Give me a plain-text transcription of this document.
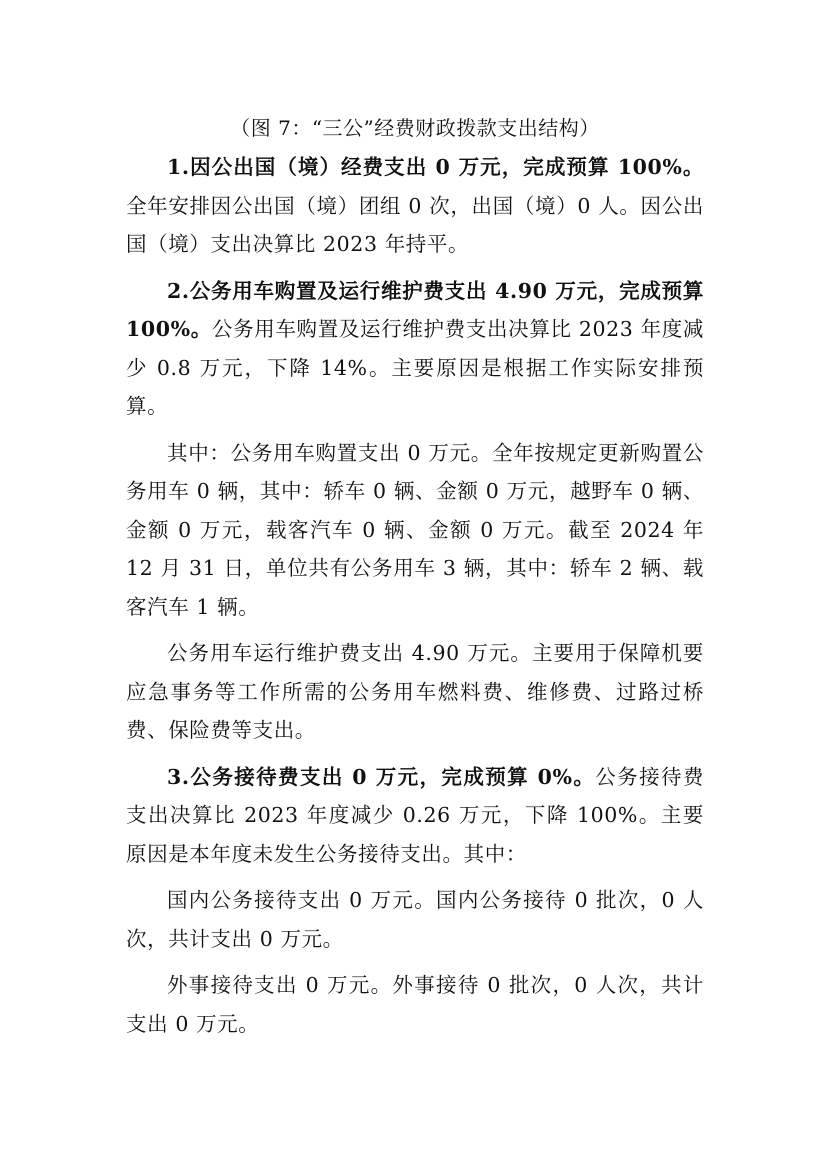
（图 7：“三公”经费财政拨款支出结构）

1.因公出国（境）经费支出 0 万元，完成预算 100%。全年安排因公出国（境）团组 0 次，出国（境）0 人。因公出国（境）支出决算比 2023 年持平。

2.公务用车购置及运行维护费支出 4.90 万元，完成预算 100%。公务用车购置及运行维护费支出决算比 2023 年度减少 0.8 万元，下降 14%。主要原因是根据工作实际安排预算。

其中：公务用车购置支出 0 万元。全年按规定更新购置公务用车 0 辆，其中：轿车 0 辆、金额 0 万元，越野车 0 辆、金额 0 万元，载客汽车 0 辆、金额 0 万元。截至 2024 年 12 月 31 日，单位共有公务用车 3 辆，其中：轿车 2 辆、载客汽车 1 辆。

公务用车运行维护费支出 4.90 万元。主要用于保障机要应急事务等工作所需的公务用车燃料费、维修费、过路过桥费、保险费等支出。

3.公务接待费支出 0 万元，完成预算 0%。公务接待费支出决算比 2023 年度减少 0.26 万元，下降 100%。主要原因是本年度未发生公务接待支出。其中：

国内公务接待支出 0 万元。国内公务接待 0 批次，0 人次，共计支出 0 万元。

外事接待支出 0 万元。外事接待 0 批次，0 人次，共计支出 0 万元。
